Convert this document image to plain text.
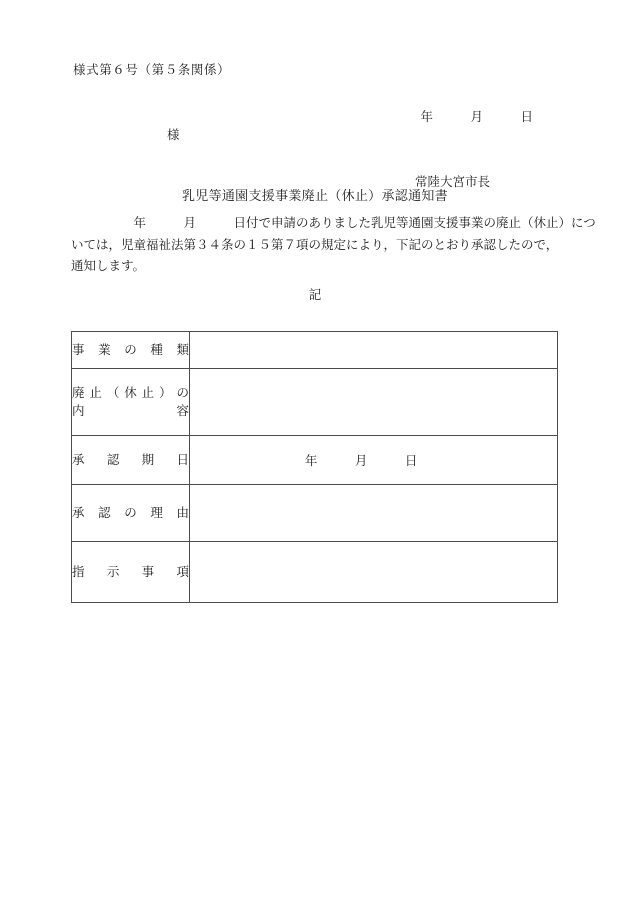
様式第６号（第５条関係）

年　　　月　　　日

様

常陸大宮市長

乳児等通園支援事業廃止（休止）承認通知書
　　　　　年　　　月　　　日付で申請のありました乳児等通園支援事業の廃止（休止）につ
いては，児童福祉法第３４条の１５第７項の規定により，下記のとおり承認したので，
通知します。
記
事業の種類	

廃止（休止）の
内容	

承認期日	年　　　月　　　日

承認の理由	

指示事項	
